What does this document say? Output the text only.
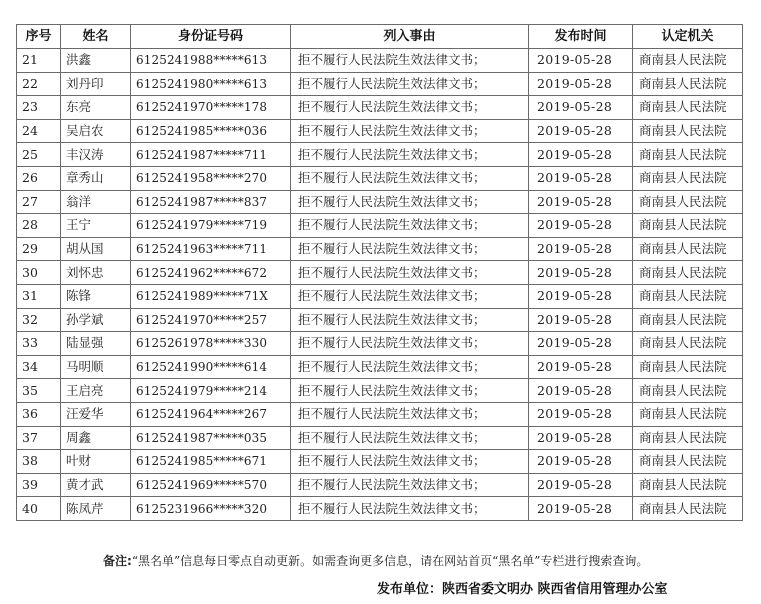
序号	姓名	身份证号码	列入事由	发布时间	认定机关
21	洪鑫	6125241988*****613	拒不履行人民法院生效法律文书；	2019-05-28	商南县人民法院
22	刘丹印	6125241980*****613	拒不履行人民法院生效法律文书；	2019-05-28	商南县人民法院
23	东亮	6125241970*****178	拒不履行人民法院生效法律文书；	2019-05-28	商南县人民法院
24	吴启农	6125241985*****036	拒不履行人民法院生效法律文书；	2019-05-28	商南县人民法院
25	丰汉涛	6125241987*****711	拒不履行人民法院生效法律文书；	2019-05-28	商南县人民法院
26	章秀山	6125241958*****270	拒不履行人民法院生效法律文书；	2019-05-28	商南县人民法院
27	翁洋	6125241987*****837	拒不履行人民法院生效法律文书；	2019-05-28	商南县人民法院
28	王宁	6125241979*****719	拒不履行人民法院生效法律文书；	2019-05-28	商南县人民法院
29	胡从国	6125241963*****711	拒不履行人民法院生效法律文书；	2019-05-28	商南县人民法院
30	刘怀忠	6125241962*****672	拒不履行人民法院生效法律文书；	2019-05-28	商南县人民法院
31	陈锋	6125241989*****71X	拒不履行人民法院生效法律文书；	2019-05-28	商南县人民法院
32	孙学斌	6125241970*****257	拒不履行人民法院生效法律文书；	2019-05-28	商南县人民法院
33	陆显强	6125261978*****330	拒不履行人民法院生效法律文书；	2019-05-28	商南县人民法院
34	马明顺	6125241990*****614	拒不履行人民法院生效法律文书；	2019-05-28	商南县人民法院
35	王启亮	6125241979*****214	拒不履行人民法院生效法律文书；	2019-05-28	商南县人民法院
36	汪爱华	6125241964*****267	拒不履行人民法院生效法律文书；	2019-05-28	商南县人民法院
37	周鑫	6125241987*****035	拒不履行人民法院生效法律文书；	2019-05-28	商南县人民法院
38	叶财	6125241985*****671	拒不履行人民法院生效法律文书；	2019-05-28	商南县人民法院
39	黄才武	6125241969*****570	拒不履行人民法院生效法律文书；	2019-05-28	商南县人民法院
40	陈凤芹	6125231966*****320	拒不履行人民法院生效法律文书；	2019-05-28	商南县人民法院
备注:“黑名单”信息每日零点自动更新。如需查询更多信息，请在网站首页“黑名单”专栏进行搜索查询。
发布单位：陕西省委文明办 陕西省信用管理办公室
